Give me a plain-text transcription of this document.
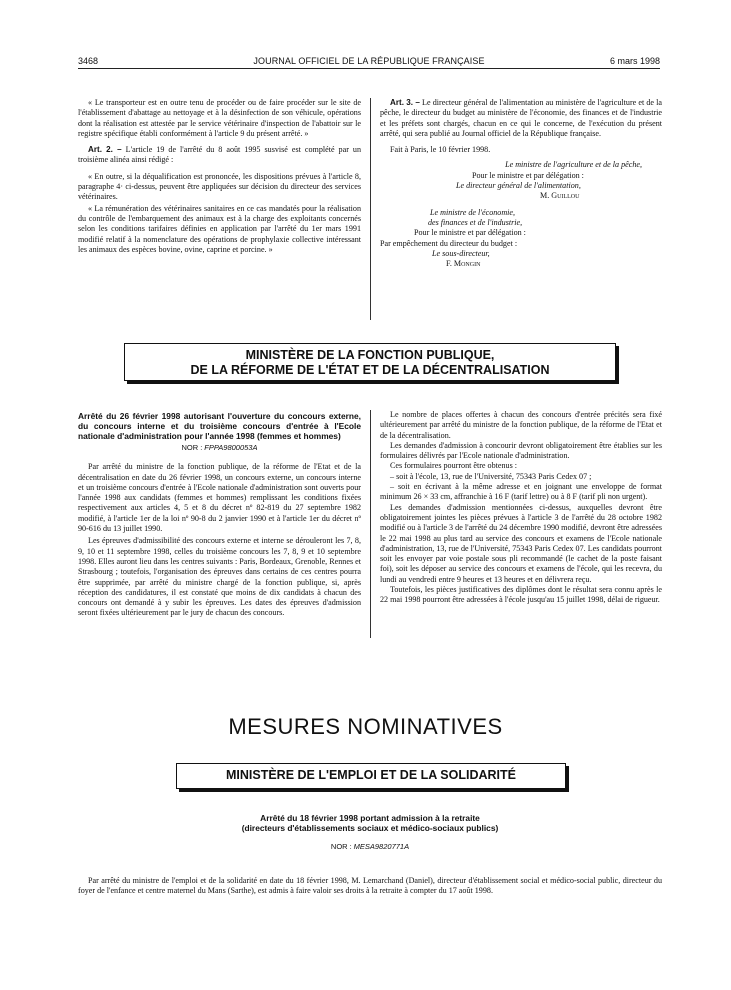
3468	JOURNAL OFFICIEL DE LA RÉPUBLIQUE FRANÇAISE	6 mars 1998

« Le transporteur est en outre tenu de procéder ou de faire procéder sur le site de l'établissement d'abattage au nettoyage et à la désinfection de son véhicule, opérations dont la réalisation est attestée par le service vétérinaire d'inspection de l'abattoir sur le registre spécifique établi conformément à l'article 9 du présent arrêté. »

Art. 2. – L'article 19 de l'arrêté du 8 août 1995 susvisé est complété par un troisième alinéa ainsi rédigé :

« En outre, si la déqualification est prononcée, les dispositions prévues à l'article 8, paragraphe 4· ci-dessus, peuvent être appliquées sur décision du directeur des services vétérinaires.

« La rémunération des vétérinaires sanitaires en ce cas mandatés pour la réalisation du contrôle de l'embarquement des animaux est à la charge des exploitants concernés selon les conditions tarifaires définies en application par l'arrêté du 1er mars 1991 modifié relatif à la nomenclature des opérations de prophylaxie collective intéressant les animaux des espèces bovine, ovine, caprine et porcine. »

Art. 3. – Le directeur général de l'alimentation au ministère de l'agriculture et de la pêche, le directeur du budget au ministère de l'économie, des finances et de l'industrie et les préfets sont chargés, chacun en ce qui le concerne, de l'exécution du présent arrêté, qui sera publié au Journal officiel de la République française.

Fait à Paris, le 10 février 1998.

Le ministre de l'agriculture et de la pêche,

Pour le ministre et par délégation :

Le directeur général de l'alimentation,

M. Guillou

Le ministre de l'économie,

des finances et de l'industrie,

Pour le ministre et par délégation :

Par empêchement du directeur du budget :

Le sous-directeur,

F. Mongin

MINISTÈRE DE LA FONCTION PUBLIQUE,
DE LA RÉFORME DE L'ÉTAT ET DE LA DÉCENTRALISATION

Arrêté du 26 février 1998 autorisant l'ouverture du concours externe, du concours interne et du troisième concours d'entrée à l'Ecole nationale d'administration pour l'année 1998 (femmes et hommes)

NOR : FPPA9800053A

Par arrêté du ministre de la fonction publique, de la réforme de l'Etat et de la décentralisation en date du 26 février 1998, un concours externe, un concours interne et un troisième concours d'entrée à l'Ecole nationale d'administration sont ouverts pour l'année 1998 aux candidats (femmes et hommes) remplissant les conditions fixées respectivement aux articles 4, 5 et 8 du décret nº 82-819 du 27 septembre 1982 modifié, à l'article 1er de la loi nº 90-8 du 2 janvier 1990 et à l'article 1er du décret nº 90-616 du 13 juillet 1990.

Les épreuves d'admissibilité des concours externe et interne se dérouleront les 7, 8, 9, 10 et 11 septembre 1998, celles du troisième concours les 7, 8, 9 et 10 septembre 1998. Elles auront lieu dans les centres suivants : Paris, Bordeaux, Grenoble, Rennes et Strasbourg ; toutefois, l'organisation des épreuves dans certains de ces centres pourra être supprimée, par arrêté du ministre chargé de la fonction publique, si, après réception des candidatures, il est constaté que moins de dix candidats à chacun des concours ont demandé à y subir les épreuves. Les dates des épreuves d'admission seront fixées ultérieurement par le jury de chacun des concours.

Le nombre de places offertes à chacun des concours d'entrée précités sera fixé ultérieurement par arrêté du ministre de la fonction publique, de la réforme de l'Etat et de la décentralisation.

Les demandes d'admission à concourir devront obligatoirement être établies sur les formulaires délivrés par l'Ecole nationale d'administration.

Ces formulaires pourront être obtenus :

– soit à l'école, 13, rue de l'Université, 75343 Paris Cedex 07 ;

– soit en écrivant à la même adresse et en joignant une enveloppe de format minimum 26 × 33 cm, affranchie à 16 F (tarif lettre) ou à 8 F (tarif pli non urgent).

Les demandes d'admission mentionnées ci-dessus, auxquelles devront être obligatoirement jointes les pièces prévues à l'article 3 de l'arrêté du 28 octobre 1982 modifié ou à l'article 3 de l'arrêté du 24 décembre 1990 modifié, devront être adressées le 22 mai 1998 au plus tard au service des concours et examens de l'Ecole nationale d'administration, 13, rue de l'Université, 75343 Paris Cedex 07. Les candidats pourront soit les envoyer par voie postale sous pli recommandé (le cachet de la poste faisant foi), soit les déposer au service des concours et examens de l'école, qui les recevra, du lundi au vendredi entre 9 heures et 13 heures et en délivrera reçu.

Toutefois, les pièces justificatives des diplômes dont le résultat sera connu après le 22 mai 1998 pourront être adressées à l'école jusqu'au 15 juillet 1998, délai de rigueur.

MESURES NOMINATIVES
MINISTÈRE DE L'EMPLOI ET DE LA SOLIDARITÉ

Arrêté du 18 février 1998 portant admission à la retraite

(directeurs d'établissements sociaux et médico-sociaux publics)

NOR : MESA9820771A

Par arrêté du ministre de l'emploi et de la solidarité en date du 18 février 1998, M. Lemarchand (Daniel), directeur d'établissement social et médico-social public, directeur du foyer de l'enfance et centre maternel du Mans (Sarthe), est admis à faire valoir ses droits à la retraite à compter du 17 août 1998.
